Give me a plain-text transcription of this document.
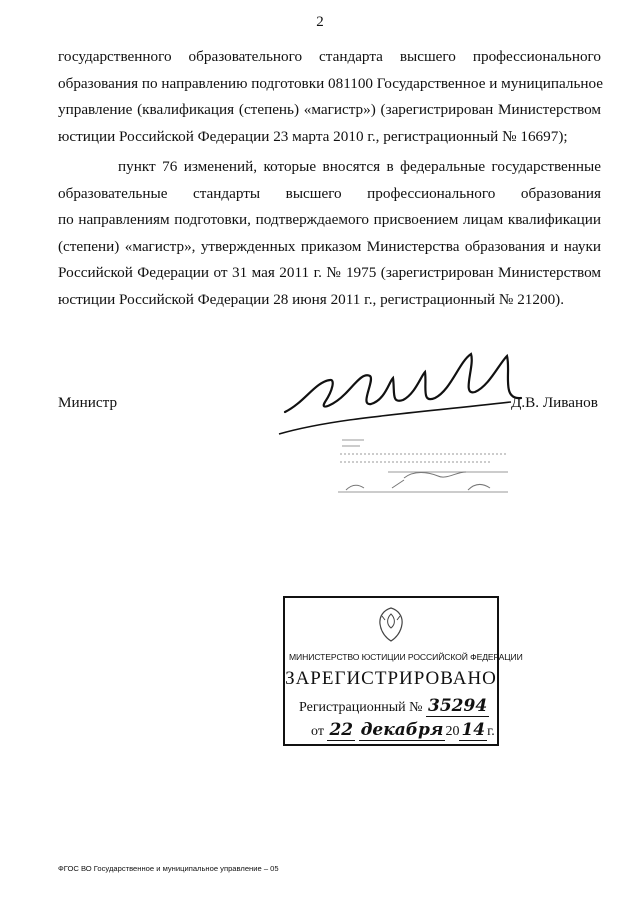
2

государственного образовательного стандарта высшего профессионального
образования по направлению подготовки 081100 Государственное и муниципальное
управление (квалификация (степень) «магистр») (зарегистрирован Министерством
юстиции Российской Федерации 23 марта 2010 г., регистрационный № 16697);

пункт 76 изменений, которые вносятся в федеральные государственные
образовательные стандарты высшего профессионального образования
по направлениям подготовки, подтверждаемого присвоением лицам квалификации
(степени) «магистр», утвержденных приказом Министерства образования и науки
Российской Федерации от 31 мая 2011 г. № 1975 (зарегистрирован Министерством
юстиции Российской Федерации 28 июня 2011 г., регистрационный № 21200).

Министр	Д.В. Ливанов
МИНИСТЕРСТВО ЮСТИЦИИ РОССИЙСКОЙ ФЕДЕРАЦИИ
ЗАРЕГИСТРИРОВАНО
Регистрационный № 35294
от 22 декабря 20 14 г.
ФГОС ВО Государственное и муниципальное управление – 05
